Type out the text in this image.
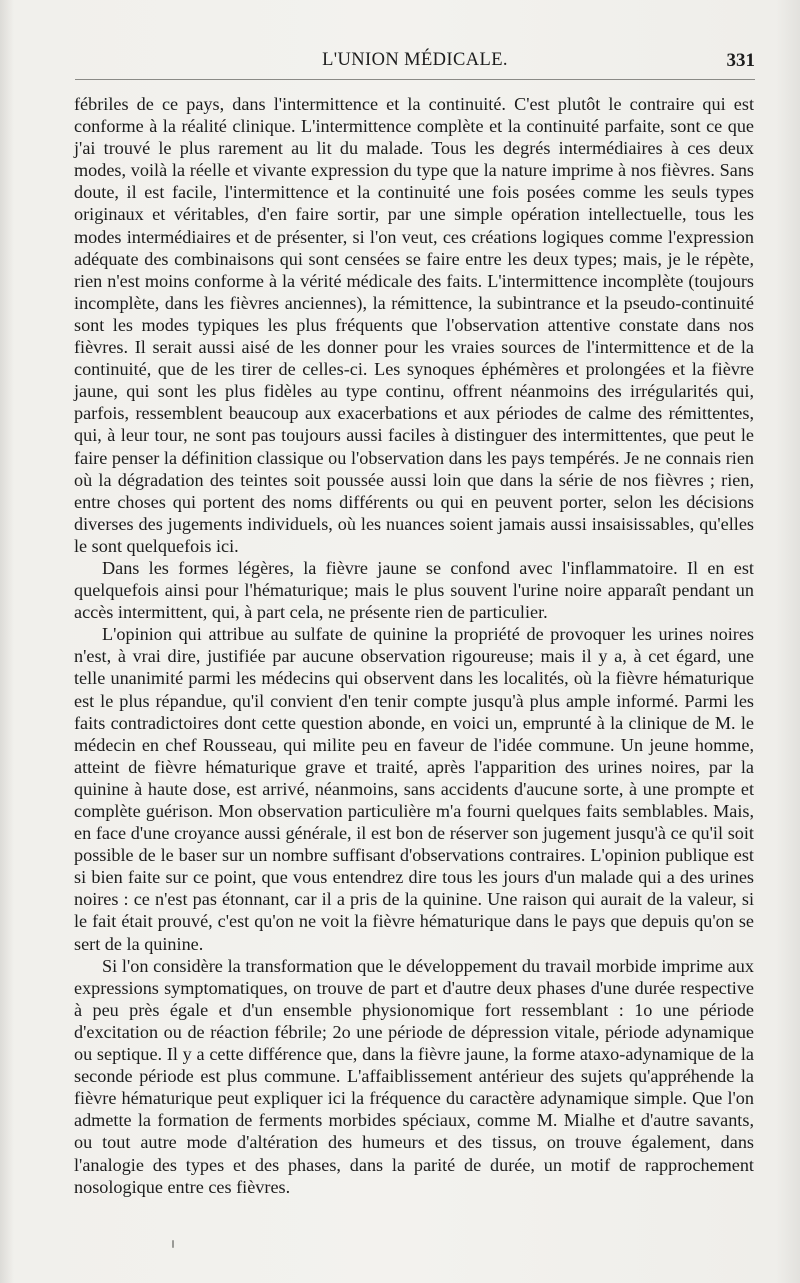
L'UNION MÉDICALE.	331

fébriles de ce pays, dans l'intermittence et la continuité. C'est plutôt le contraire qui est conforme à la réalité clinique. L'intermittence complète et la continuité parfaite, sont ce que j'ai trouvé le plus rarement au lit du malade. Tous les degrés intermédiaires à ces deux modes, voilà la réelle et vivante expression du type que la nature imprime à nos fièvres. Sans doute, il est facile, l'intermittence et la continuité une fois posées comme les seuls types originaux et véritables, d'en faire sortir, par une simple opération intellectuelle, tous les modes intermédiaires et de présenter, si l'on veut, ces créations logiques comme l'expression adéquate des combinaisons qui sont censées se faire entre les deux types; mais, je le répète, rien n'est moins conforme à la vérité médicale des faits. L'intermittence incomplète (toujours incomplète, dans les fièvres anciennes), la rémittence, la subintrance et la pseudo-continuité sont les modes typiques les plus fréquents que l'observation attentive constate dans nos fièvres. Il serait aussi aisé de les donner pour les vraies sources de l'intermittence et de la continuité, que de les tirer de celles-ci. Les synoques éphémères et prolongées et la fièvre jaune, qui sont les plus fidèles au type continu, offrent néanmoins des irrégularités qui, parfois, ressemblent beaucoup aux exacerbations et aux périodes de calme des rémittentes, qui, à leur tour, ne sont pas toujours aussi faciles à distinguer des intermittentes, que peut le faire penser la définition classique ou l'observation dans les pays tempérés. Je ne connais rien où la dégradation des teintes soit poussée aussi loin que dans la série de nos fièvres ; rien, entre choses qui portent des noms différents ou qui en peuvent porter, selon les décisions diverses des jugements individuels, où les nuances soient jamais aussi insaisissables, qu'elles le sont quelquefois ici.

Dans les formes légères, la fièvre jaune se confond avec l'inflammatoire. Il en est quelquefois ainsi pour l'hématurique; mais le plus souvent l'urine noire apparaît pendant un accès intermittent, qui, à part cela, ne présente rien de particulier.

L'opinion qui attribue au sulfate de quinine la propriété de provoquer les urines noires n'est, à vrai dire, justifiée par aucune observation rigoureuse; mais il y a, à cet égard, une telle unanimité parmi les médecins qui observent dans les localités, où la fièvre hématurique est le plus répandue, qu'il convient d'en tenir compte jusqu'à plus ample informé. Parmi les faits contradictoires dont cette question abonde, en voici un, emprunté à la clinique de M. le médecin en chef Rousseau, qui milite peu en faveur de l'idée commune. Un jeune homme, atteint de fièvre hématurique grave et traité, après l'apparition des urines noires, par la quinine à haute dose, est arrivé, néanmoins, sans accidents d'aucune sorte, à une prompte et complète guérison. Mon observation particulière m'a fourni quelques faits semblables. Mais, en face d'une croyance aussi générale, il est bon de réserver son jugement jusqu'à ce qu'il soit possible de le baser sur un nombre suffisant d'observations contraires. L'opinion publique est si bien faite sur ce point, que vous entendrez dire tous les jours d'un malade qui a des urines noires : ce n'est pas étonnant, car il a pris de la quinine. Une raison qui aurait de la valeur, si le fait était prouvé, c'est qu'on ne voit la fièvre hématurique dans le pays que depuis qu'on se sert de la quinine.

Si l'on considère la transformation que le développement du travail morbide imprime aux expressions symptomatiques, on trouve de part et d'autre deux phases d'une durée respective à peu près égale et d'un ensemble physionomique fort ressemblant : 1o une période d'excitation ou de réaction fébrile; 2o une période de dépression vitale, période adynamique ou septique. Il y a cette différence que, dans la fièvre jaune, la forme ataxo-adynamique de la seconde période est plus commune. L'affaiblissement antérieur des sujets qu'appréhende la fièvre hématurique peut expliquer ici la fréquence du caractère adynamique simple. Que l'on admette la formation de ferments morbides spéciaux, comme M. Mialhe et d'autre savants, ou tout autre mode d'altération des humeurs et des tissus, on trouve également, dans l'analogie des types et des phases, dans la parité de durée, un motif de rapprochement nosologique entre ces fièvres.
